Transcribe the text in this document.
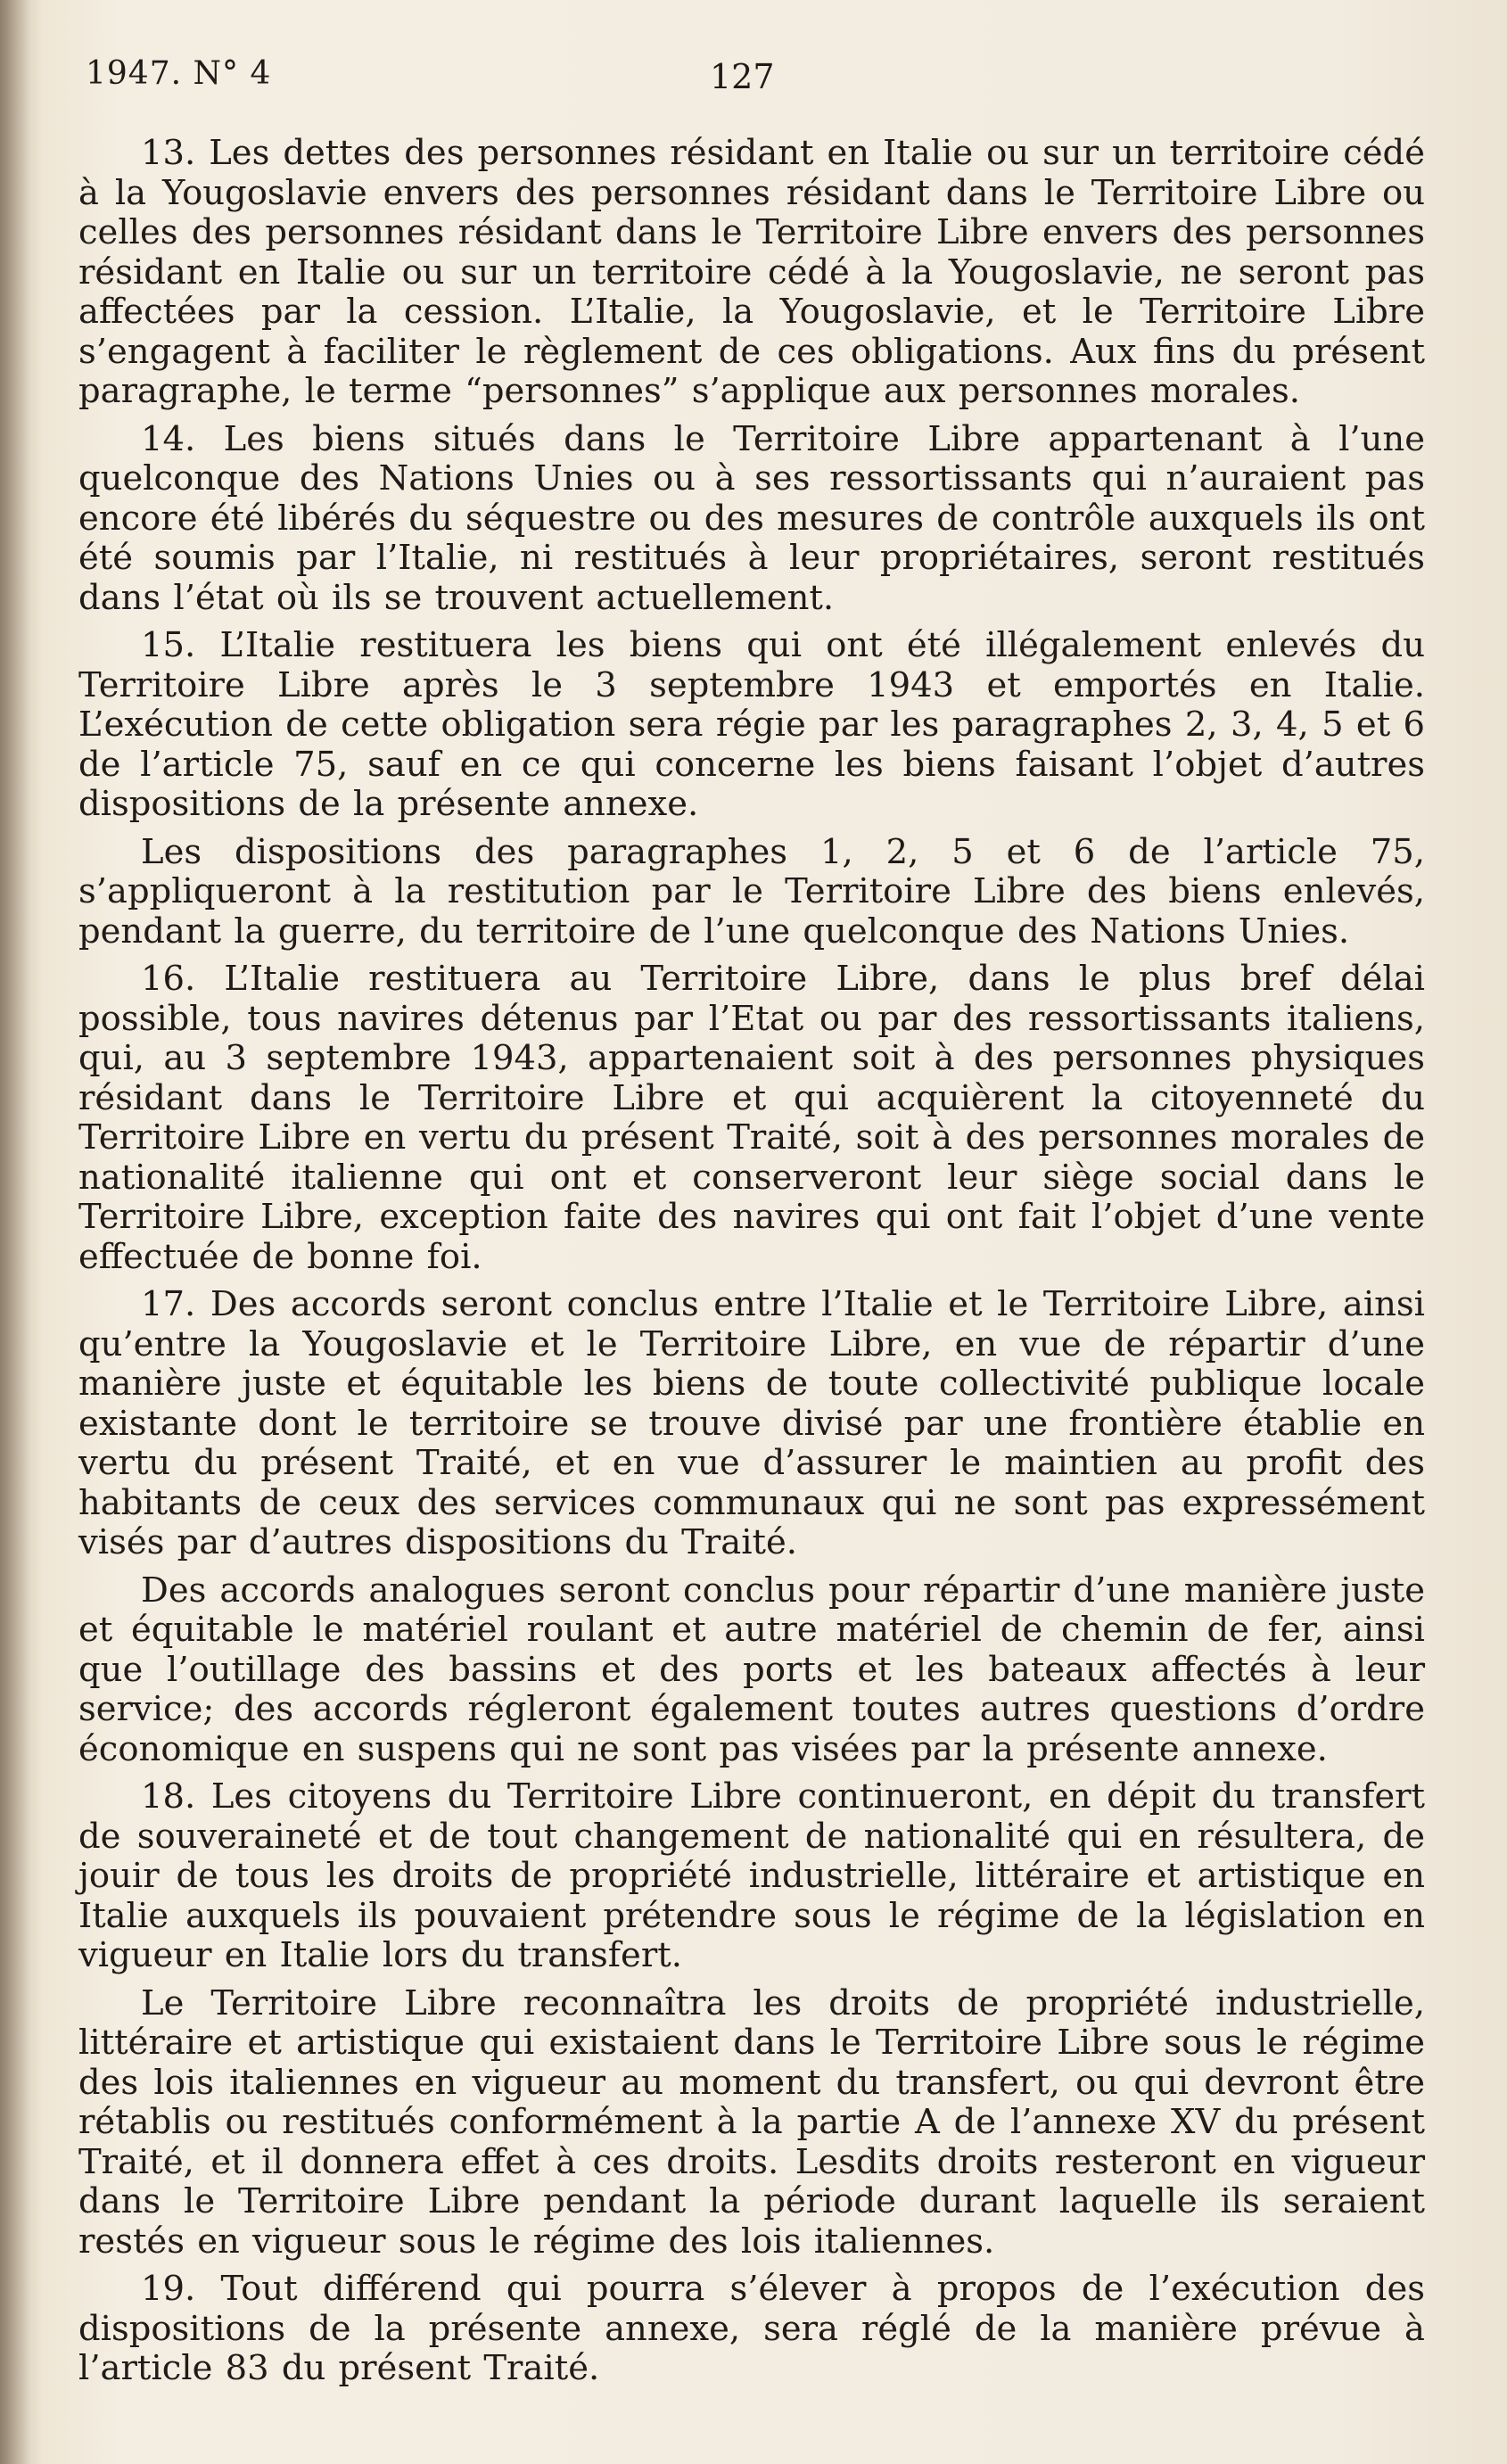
1947. N° 4	127

13. Les dettes des personnes résidant en Italie ou sur un territoire cédé à la Yougoslavie envers des personnes résidant dans le Territoire Libre ou celles des personnes résidant dans le Territoire Libre envers des personnes résidant en Italie ou sur un territoire cédé à la Yougoslavie, ne seront pas affectées par la cession. L’Italie, la Yougoslavie, et le Territoire Libre s’engagent à faciliter le règlement de ces obligations. Aux fins du présent paragraphe, le terme “personnes” s’applique aux personnes morales.

14. Les biens situés dans le Territoire Libre appartenant à l’une quelconque des Nations Unies ou à ses ressortissants qui n’auraient pas encore été libérés du séquestre ou des mesures de contrôle auxquels ils ont été soumis par l’Italie, ni restitués à leur propriétaires, seront restitués dans l’état où ils se trouvent actuellement.

15. L’Italie restituera les biens qui ont été illégalement enlevés du Territoire Libre après le 3 septembre 1943 et emportés en Italie. L’exécution de cette obligation sera régie par les paragraphes 2, 3, 4, 5 et 6 de l’article 75, sauf en ce qui concerne les biens faisant l’objet d’autres dispositions de la présente annexe.

Les dispositions des paragraphes 1, 2, 5 et 6 de l’article 75, s’appliqueront à la restitution par le Territoire Libre des biens enlevés, pendant la guerre, du territoire de l’une quelconque des Nations Unies.

16. L’Italie restituera au Territoire Libre, dans le plus bref délai possible, tous navires détenus par l’Etat ou par des ressortissants italiens, qui, au 3 septembre 1943, appartenaient soit à des personnes physiques résidant dans le Territoire Libre et qui acquièrent la citoyenneté du Territoire Libre en vertu du présent Traité, soit à des personnes morales de nationalité italienne qui ont et conserveront leur siège social dans le Territoire Libre, exception faite des navires qui ont fait l’objet d’une vente effectuée de bonne foi.

17. Des accords seront conclus entre l’Italie et le Territoire Libre, ainsi qu’entre la Yougoslavie et le Territoire Libre, en vue de répartir d’une manière juste et équitable les biens de toute collectivité publique locale existante dont le territoire se trouve divisé par une frontière établie en vertu du présent Traité, et en vue d’assurer le maintien au profit des habitants de ceux des services communaux qui ne sont pas expressément visés par d’autres dispositions du Traité.

Des accords analogues seront conclus pour répartir d’une manière juste et équitable le matériel roulant et autre matériel de chemin de fer, ainsi que l’outillage des bassins et des ports et les bateaux affectés à leur service; des accords régleront également toutes autres questions d’ordre économique en suspens qui ne sont pas visées par la présente annexe.

18. Les citoyens du Territoire Libre continueront, en dépit du transfert de souveraineté et de tout changement de nationalité qui en résultera, de jouir de tous les droits de propriété industrielle, littéraire et artistique en Italie auxquels ils pouvaient prétendre sous le régime de la législation en vigueur en Italie lors du transfert.

Le Territoire Libre reconnaîtra les droits de propriété industrielle, littéraire et artistique qui existaient dans le Territoire Libre sous le régime des lois italiennes en vigueur au moment du transfert, ou qui devront être rétablis ou restitués conformément à la partie A de l’annexe XV du présent Traité, et il donnera effet à ces droits. Lesdits droits resteront en vigueur dans le Territoire Libre pendant la période durant laquelle ils seraient restés en vigueur sous le régime des lois italiennes.

19. Tout différend qui pourra s’élever à propos de l’exécution des dispositions de la présente annexe, sera réglé de la manière prévue à l’article 83 du présent Traité.
